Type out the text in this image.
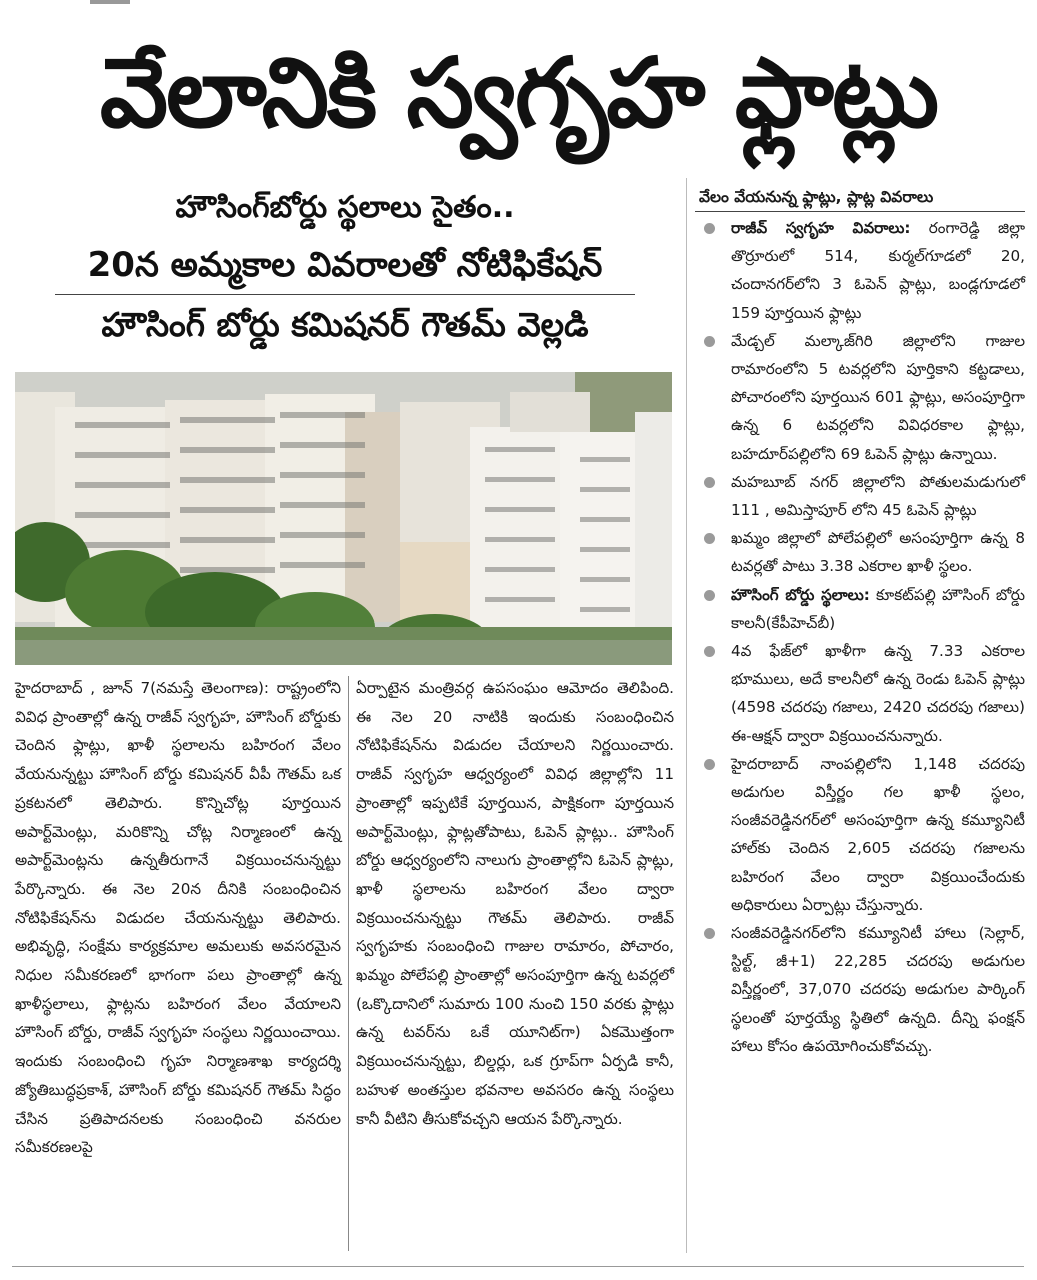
వేలానికి స్వగృహ ఫ్లాట్లు
హౌసింగ్‌బోర్డు స్థలాలు సైతం..
20న అమ్మకాల వివరాలతో నోటిఫికేషన్
హౌసింగ్ బోర్డు కమిషనర్ గౌతమ్ వెల్లడి

హైదరాబాద్ , జూన్ 7(నమస్తే తెలంగాణ): రాష్ట్రంలోని వివిధ ప్రాంతాల్లో ఉన్న రాజీవ్ స్వగృహ, హౌసింగ్ బోర్డుకు చెందిన ఫ్లాట్లు, ఖాళీ స్థలాలను బహిరంగ వేలం వేయనున్నట్టు హౌసింగ్ బోర్డు కమిషనర్ వీపీ గౌతమ్ ఒక ప్రకటనలో తెలిపారు. కొన్నిచోట్ల పూర్తయిన అపార్ట్‌మెంట్లు, మరికొన్ని చోట్ల నిర్మాణంలో ఉన్న అపార్ట్‌మెంట్లను ఉన్నతీరుగానే విక్రయించనున్నట్టు పేర్కొన్నారు. ఈ నెల 20న దీనికి సంబంధించిన నోటిఫికేషన్‌ను విడుదల చేయనున్నట్టు తెలిపారు. అభివృద్ధి, సంక్షేమ కార్యక్రమాల అమలుకు అవసరమైన నిధుల సమీకరణలో భాగంగా పలు ప్రాంతాల్లో ఉన్న ఖాళీస్థలాలు, ఫ్లాట్లను బహిరంగ వేలం వేయాలని హౌసింగ్ బోర్డు, రాజీవ్ స్వగృహ సంస్థలు నిర్ణయించాయి. ఇందుకు సంబంధించి గృహ నిర్మాణశాఖ కార్యదర్శి జ్యోతిబుద్ధప్రకాశ్, హౌసింగ్ బోర్డు కమిషనర్ గౌతమ్ సిద్ధం చేసిన ప్రతిపాదనలకు సంబంధించి వనరుల సమీకరణలపై

ఏర్పాటైన మంత్రివర్గ ఉపసంఘం ఆమోదం తెలిపింది. ఈ నెల 20 నాటికి ఇందుకు సంబంధించిన నోటిఫికేషన్‌ను విడుదల చేయాలని నిర్ణయించారు. రాజీవ్ స్వగృహ ఆధ్వర్యంలో వివిధ జిల్లాల్లోని 11 ప్రాంతాల్లో ఇప్పటికే పూర్తయిన, పాక్షికంగా పూర్తయిన అపార్ట్‌మెంట్లు, ఫ్లాట్లతోపాటు, ఓపెన్ ప్లాట్లు.. హౌసింగ్ బోర్డు ఆధ్వర్యంలోని నాలుగు ప్రాంతాల్లోని ఓపెన్ ప్లాట్లు, ఖాళీ స్థలాలను బహిరంగ వేలం ద్వారా విక్రయించనున్నట్టు గౌతమ్ తెలిపారు. రాజీవ్ స్వగృహకు సంబంధించి గాజుల రామారం, పోచారం, ఖమ్మం పోలేపల్లి ప్రాంతాల్లో అసంపూర్తిగా ఉన్న టవర్లలో (ఒక్కొదానిలో సుమారు 100 నుంచి 150 వరకు ఫ్లాట్లు ఉన్న టవర్‌ను ఒకే యూనిట్‌గా) ఏకమొత్తంగా విక్రయించనున్నట్టు, బిల్డర్లు, ఒక గ్రూప్‌గా ఏర్పడి కానీ, బహుళ అంతస్తుల భవనాల అవసరం ఉన్న సంస్థలు కానీ వీటిని తీసుకోవచ్చని ఆయన పేర్కొన్నారు.

వేలం వేయనున్న ఫ్లాట్లు, ప్లాట్ల వివరాలు
రాజీవ్ స్వగృహ వివరాలు: రంగారెడ్డి జిల్లా తొర్రూరులో 514, కుర్మల్‌గూడలో 20, చందానగర్‌లోని 3 ఓపెన్ ప్లాట్లు, బండ్లగూడలో 159 పూర్తయిన ఫ్లాట్లు
మేడ్చల్ మల్కాజ్‌గిరి జిల్లాలోని గాజుల రామారంలోని 5 టవర్లలోని పూర్తికాని కట్టడాలు, పోచారంలోని పూర్తయిన 601 ఫ్లాట్లు, అసంపూర్తిగా ఉన్న 6 టవర్లలోని వివిధరకాల ఫ్లాట్లు, బహదూర్‌పల్లిలోని 69 ఓపెన్ ప్లాట్లు ఉన్నాయి.
మహబూబ్ నగర్ జిల్లాలోని పోతులమడుగులో 111 , అమిస్తాపూర్ లోని 45 ఓపెన్ ప్లాట్లు
ఖమ్మం జిల్లాలో పోలేపల్లిలో అసంపూర్తిగా ఉన్న 8 టవర్లతో పాటు 3.38 ఎకరాల ఖాళీ స్థలం.
హౌసింగ్ బోర్డు స్థలాలు: కూకట్‌పల్లి హౌసింగ్ బోర్డు కాలనీ(కేపీహెచ్‌బీ)
4వ ఫేజ్‌లో ఖాళీగా ఉన్న 7.33 ఎకరాల భూములు, అదే కాలనీలో ఉన్న రెండు ఓపెన్ ప్లాట్లు (4598 చదరపు గజాలు, 2420 చదరపు గజాలు) ఈ-ఆక్షన్ ద్వారా విక్రయించనున్నారు.
హైదరాబాద్ నాంపల్లిలోని 1,148 చదరపు అడుగుల విస్తీర్ణం గల ఖాళీ స్థలం, సంజీవరెడ్డినగర్‌లో అసంపూర్తిగా ఉన్న కమ్యూనిటీ హాల్‌కు చెందిన 2,605 చదరపు గజాలను బహిరంగ వేలం ద్వారా విక్రయించేందుకు అధికారులు ఏర్పాట్లు చేస్తున్నారు.
సంజీవరెడ్డినగర్‌లోని కమ్యూనిటీ హాలు (సెల్లార్, స్టిల్ట్, జీ+1) 22,285 చదరపు అడుగుల విస్తీర్ణంలో, 37,070 చదరపు అడుగుల పార్కింగ్ స్థలంతో పూర్తయ్యే స్థితిలో ఉన్నది. దీన్ని ఫంక్షన్ హాలు కోసం ఉపయోగించుకోవచ్చు.
